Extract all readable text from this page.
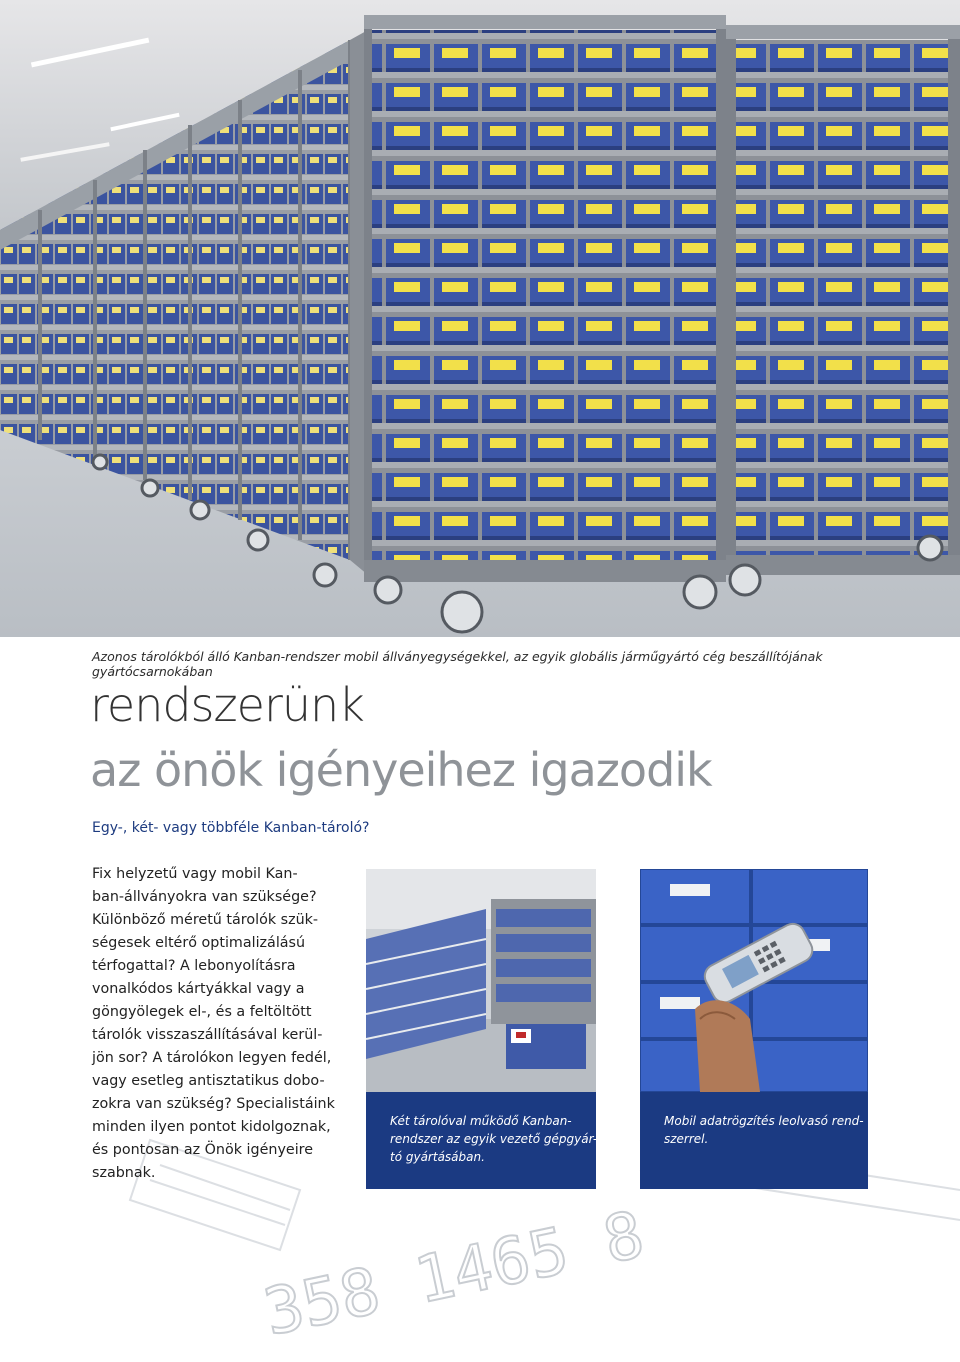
358 1465 8
Azonos tárolókból álló Kanban-rendszer mobil állványegységekkel, az egyik globális járműgyártó cég beszállítójának gyártócsarnokában
rendszerünk
az önök igényeihez igazodik
Egy-, két- vagy többféle Kanban-tároló?
Fix helyzetű vagy mobil Kan-
ban-állványokra van szüksége?
Különböző méretű tárolók szük-
ségesek eltérő optimalizálású
térfogattal? A lebonyolításra
vonalkódos kártyákkal vagy a
göngyölegek el-, és a feltöltött
tárolók visszaszállításával kerül-
jön sor? A tárolókon legyen fedél,
vagy esetleg antisztatikus dobo-
zokra van szükség? Specialistáink
minden ilyen pontot kidolgoznak,
és pontosan az Önök igényeire
szabnak.
Két tárolóval működő Kanban-
rendszer az egyik vezető gépgyár-
tó gyártásában.
Mobil adatrögzítés leolvasó rend-
szerrel.
